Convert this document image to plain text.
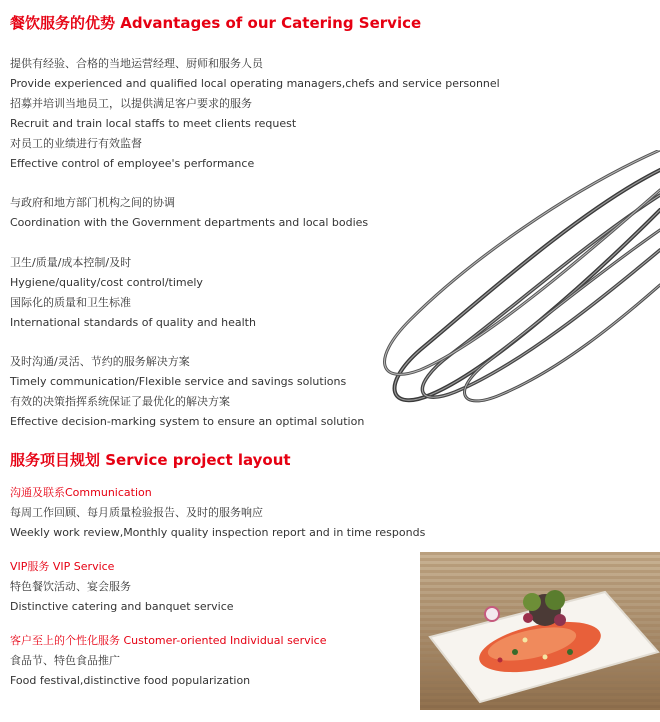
餐饮服务的优势 Advantages of our Catering Service
提供有经验、合格的当地运营经理、厨师和服务人员
Provide experienced and qualified local operating managers,chefs and service personnel
招募并培训当地员工，以提供满足客户要求的服务
Recruit and train local staffs to meet clients request
对员工的业绩进行有效监督
Effective control of employee's performance
与政府和地方部门机构之间的协调
Coordination with the Government departments and local bodies
卫生/质量/成本控制/及时
Hygiene/quality/cost control/timely
国际化的质量和卫生标准
International standards of quality and health
及时沟通/灵活、节约的服务解决方案
Timely communication/Flexible service and savings solutions
有效的决策指挥系统保证了最优化的解决方案
Effective decision-marking system to ensure an optimal solution
服务项目规划 Service project layout
沟通及联系Communication
每周工作回顾、每月质量检验报告、及时的服务响应
Weekly work review,Monthly quality inspection report and in time responds
VIP服务 VIP Service
特色餐饮活动、宴会服务
Distinctive catering and banquet service
客户至上的个性化服务 Customer-oriented Individual service
食品节、特色食品推广
Food festival,distinctive food popularization
